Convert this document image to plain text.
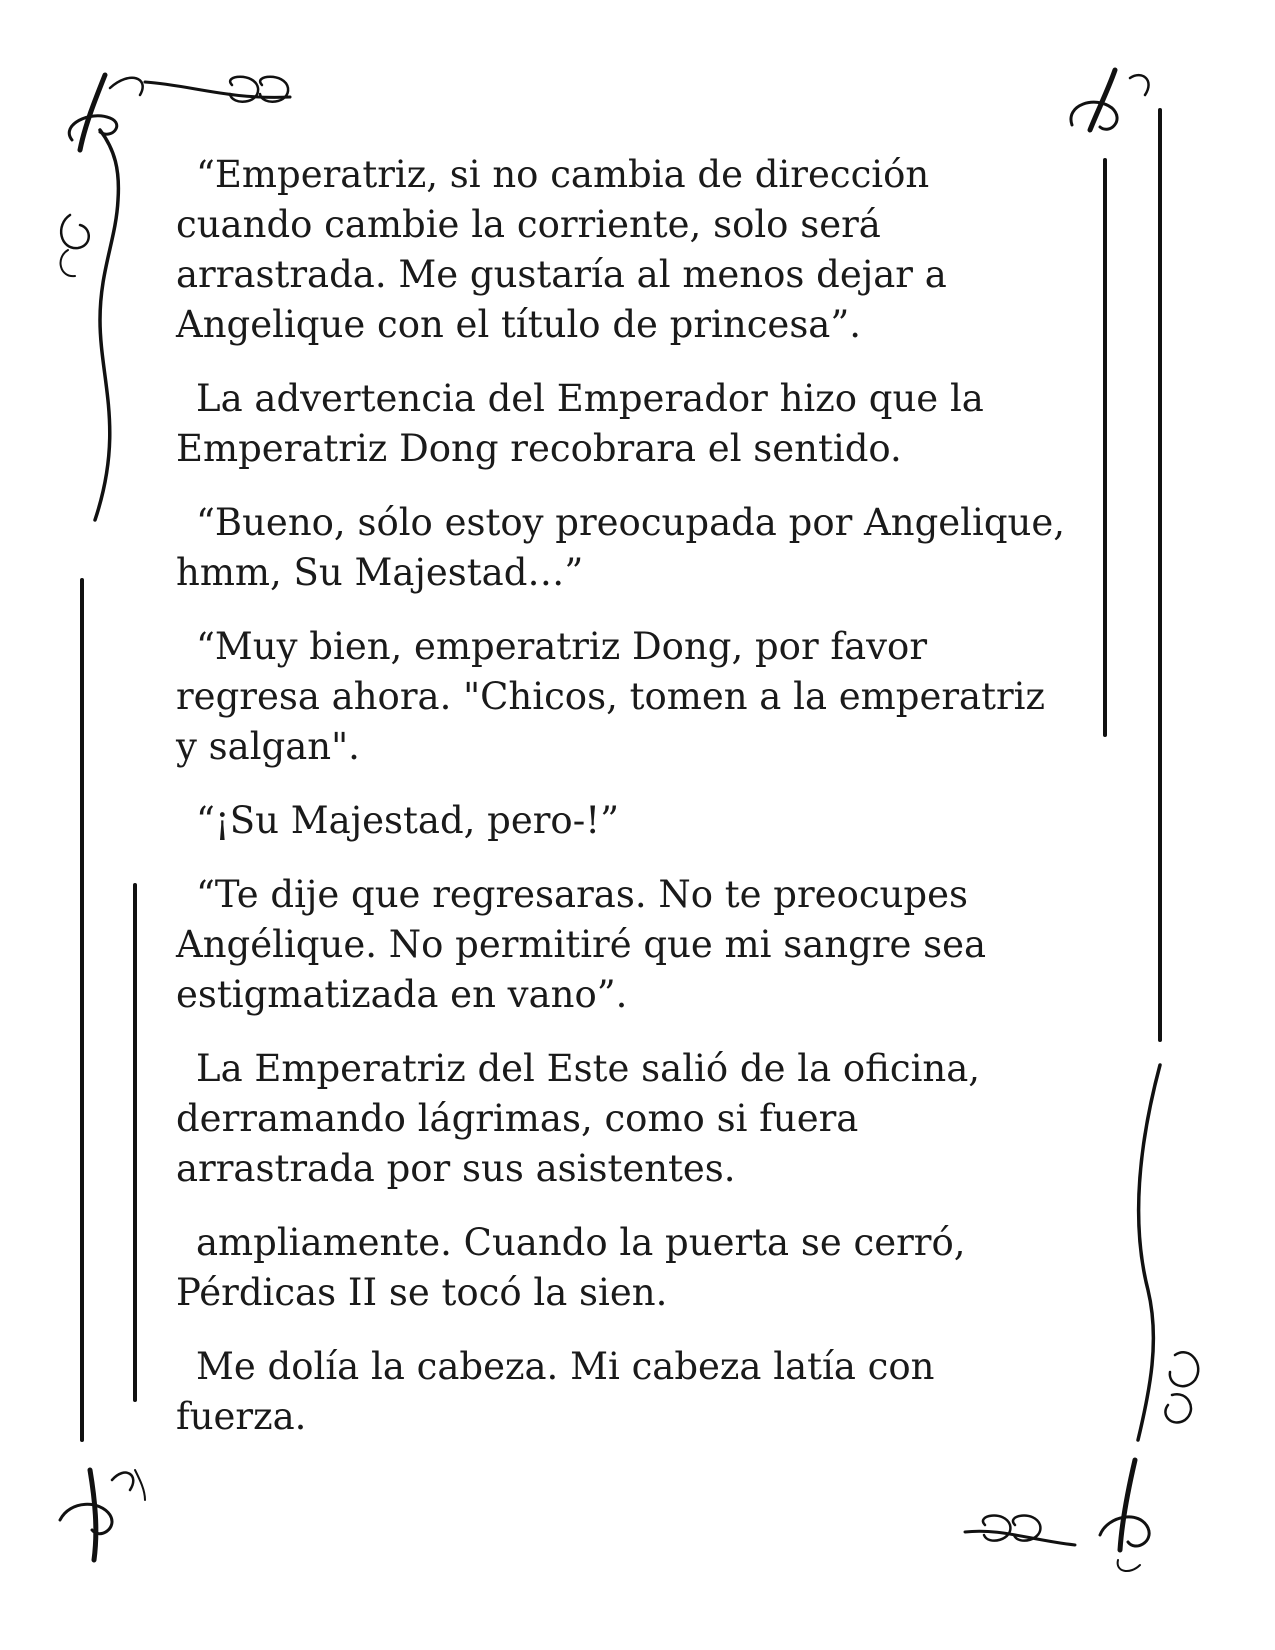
“Emperatriz, si no cambia de dirección
cuando cambie la corriente, solo será
arrastrada. Me gustaría al menos dejar a
Angelique con el título de princesa”.

La advertencia del Emperador hizo que la
Emperatriz Dong recobrara el sentido.

“Bueno, sólo estoy preocupada por Angelique,
hmm, Su Majestad…”

“Muy bien, emperatriz Dong, por favor
regresa ahora. "Chicos, tomen a la emperatriz
y salgan".

“¡Su Majestad, pero-!”

“Te dije que regresaras. No te preocupes
Angélique. No permitiré que mi sangre sea
estigmatizada en vano”.

La Emperatriz del Este salió de la oficina,
derramando lágrimas, como si fuera
arrastrada por sus asistentes.

ampliamente. Cuando la puerta se cerró,
Pérdicas II se tocó la sien.

Me dolía la cabeza. Mi cabeza latía con
fuerza.
